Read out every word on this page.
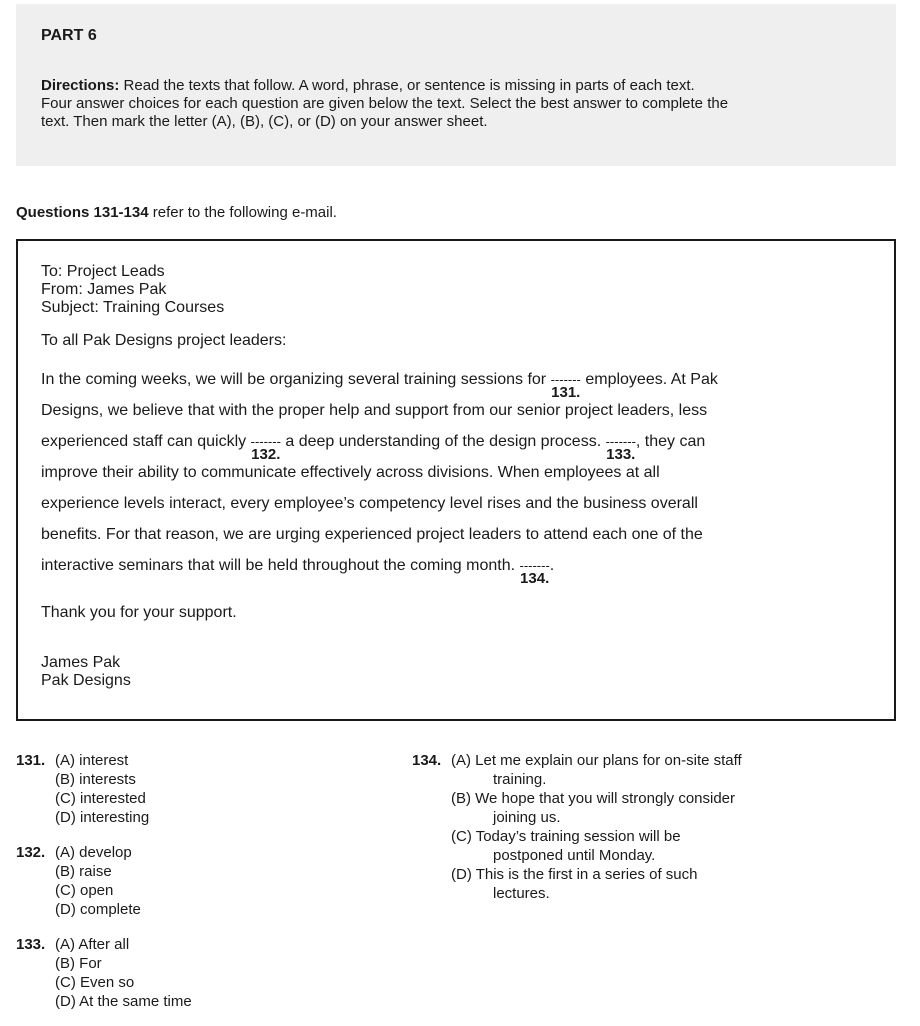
PART 6
Directions: Read the texts that follow. A word, phrase, or sentence is missing in parts of each text.
Four answer choices for each question are given below the text. Select the best answer to complete the
text. Then mark the letter (A), (B), (C), or (D) on your answer sheet.
Questions 131-134 refer to the following e-mail.
To: Project Leads
From: James Pak
Subject: Training Courses
To all Pak Designs project leaders:
In the coming weeks, we will be organizing several training sessions for -------
131.
employees. At Pak
Designs, we believe that with the proper help and support from our senior project leaders, less
experienced staff can quickly -------
132.
a deep understanding of the design process. -------
133.
, they can
improve their ability to communicate effectively across divisions. When employees at all
experience levels interact, every employee’s competency level rises and the business overall
benefits. For that reason, we are urging experienced project leaders to attend each one of the
interactive seminars that will be held throughout the coming month. -------
134.
.
Thank you for your support.
James Pak
Pak Designs
131. (A) interest
(B) interests
(C) interested
(D) interesting
132. (A) develop
(B) raise
(C) open
(D) complete
133. (A) After all
(B) For
(C) Even so
(D) At the same time
134. (A) Let me explain our plans for on-site staff
training.
(B) We hope that you will strongly consider
joining us.
(C) Today’s training session will be
postponed until Monday.
(D) This is the first in a series of such
lectures.
